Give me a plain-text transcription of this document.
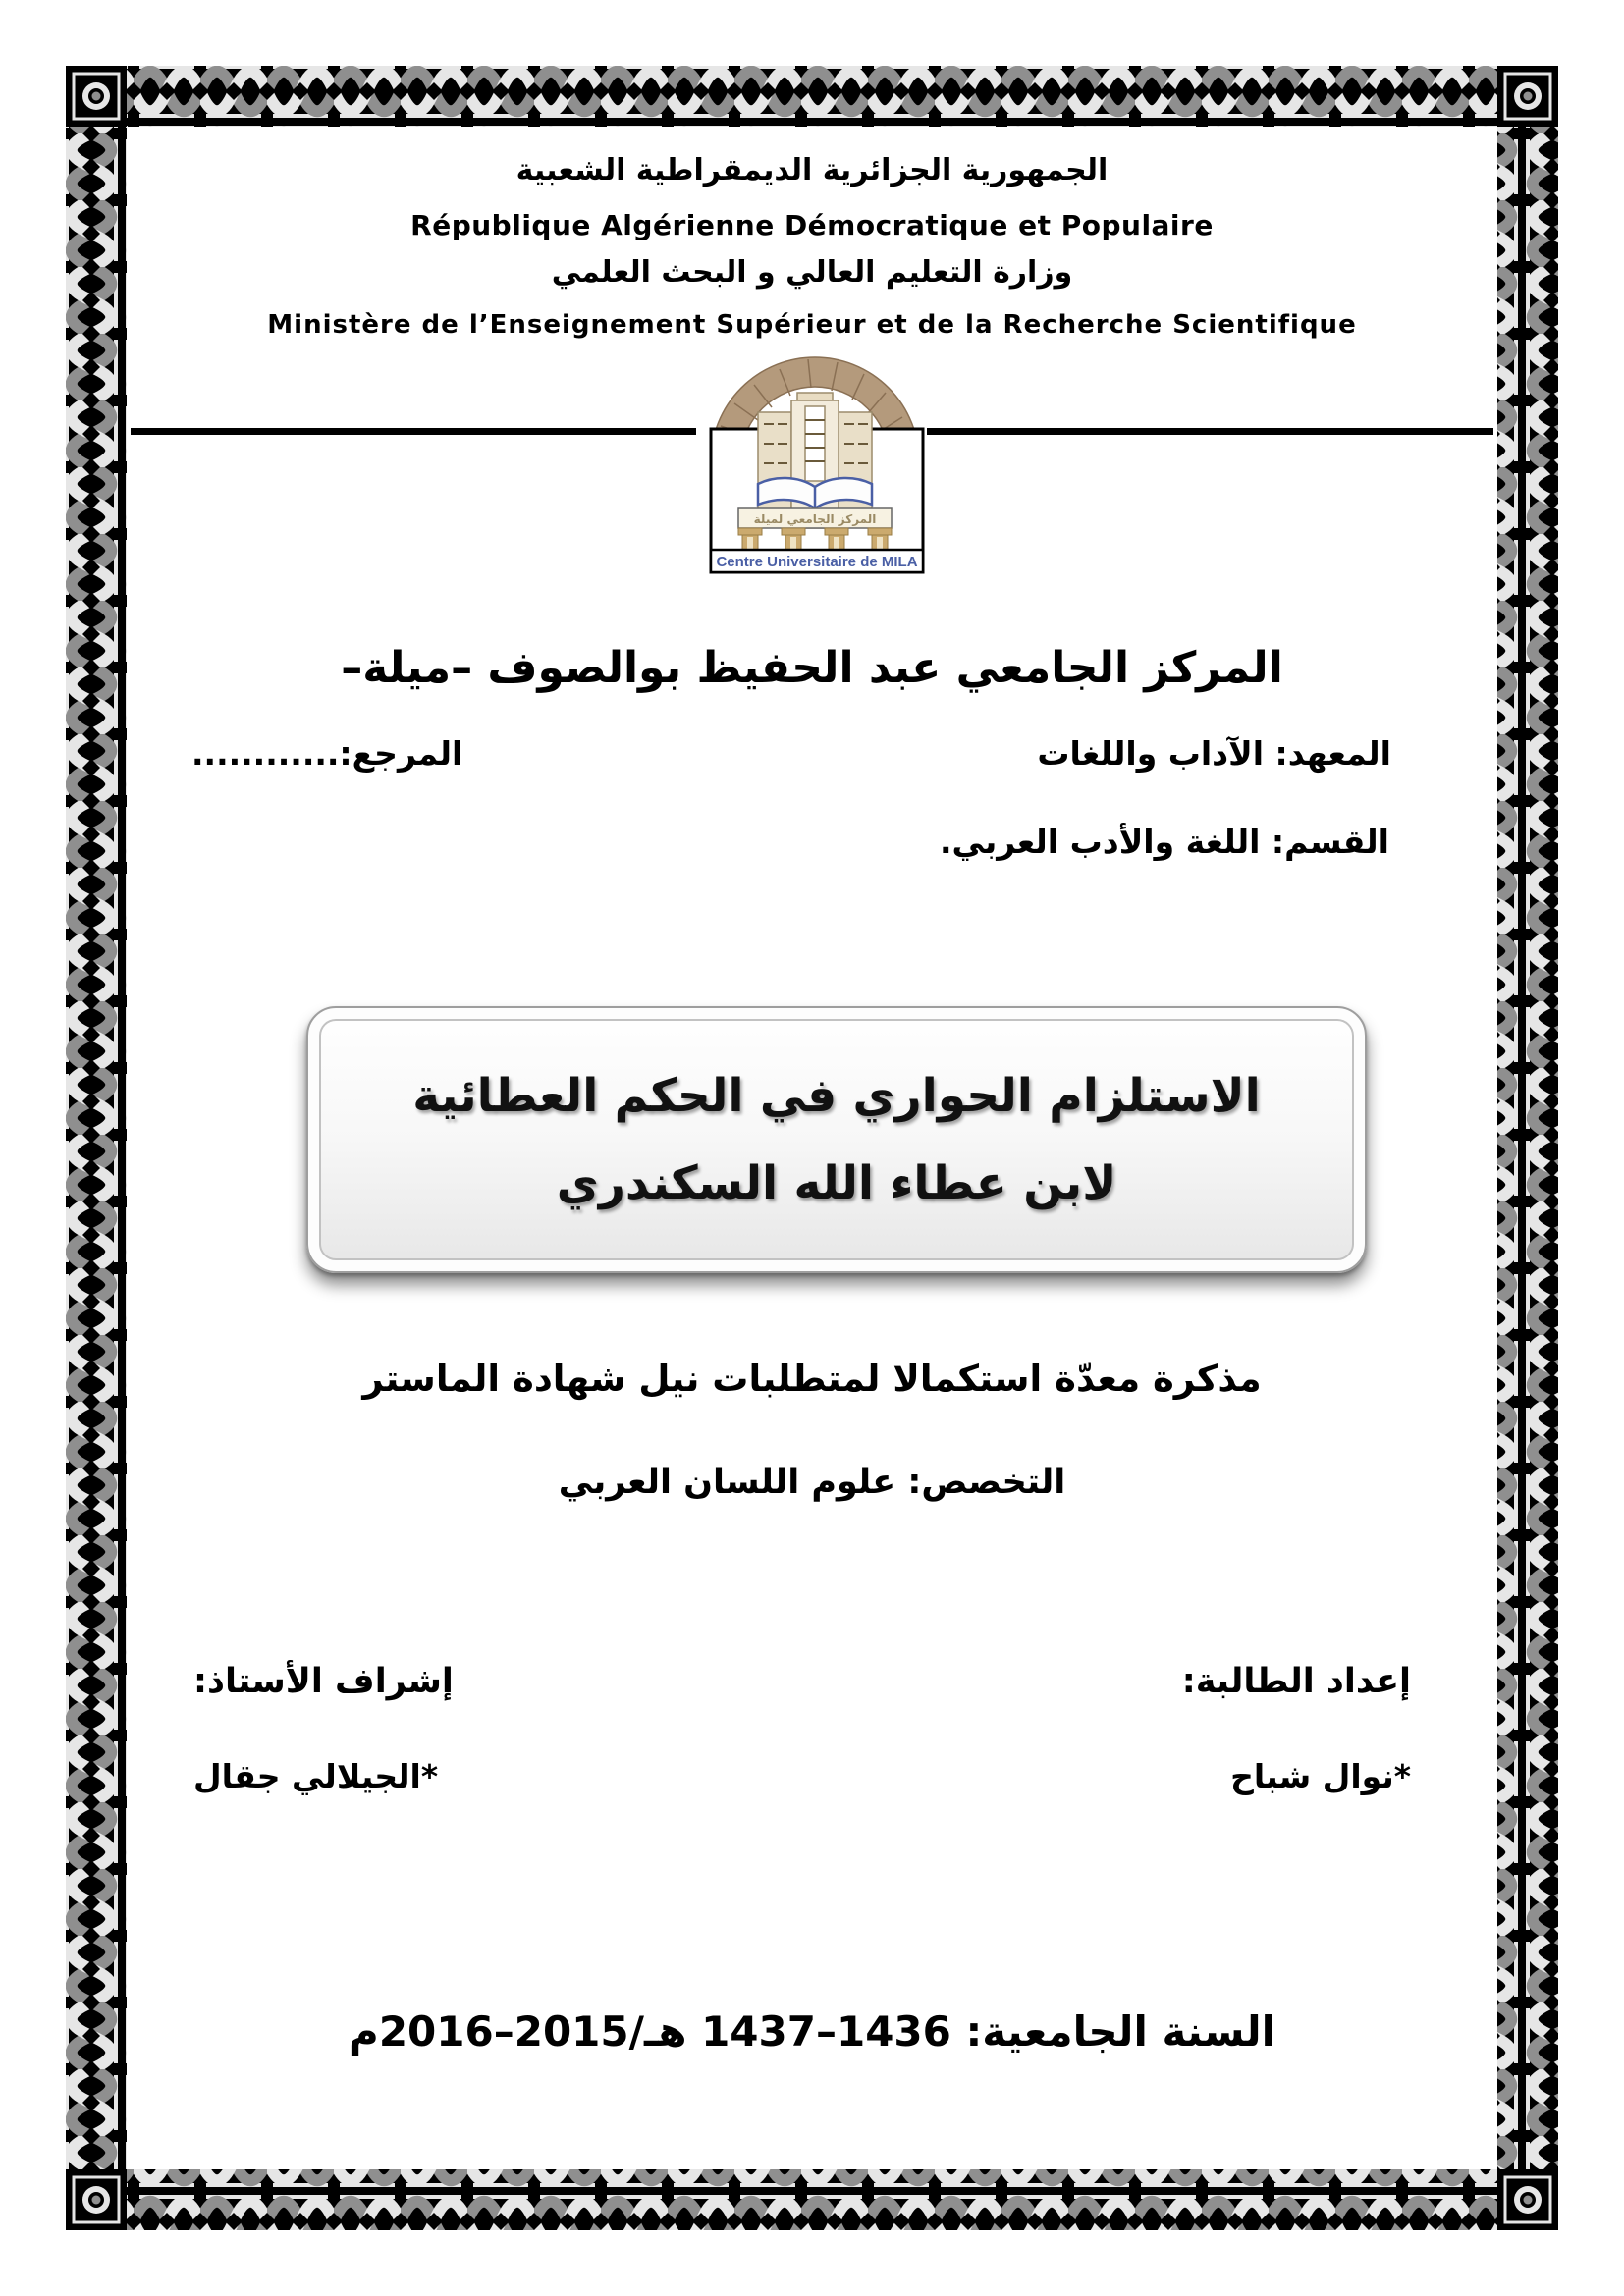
الجمهورية الجزائرية الديمقراطية الشعبية
République Algérienne Démocratique et Populaire
وزارة التعليم العالي و البحث العلمي
Ministère de l’Enseignement Supérieur et de la Recherche Scientifique
المركز الجامعي لميلة
Centre Universitaire de MILA
المركز الجامعي عبد الحفيظ بوالصوف –ميلة–
المعهد: الآداب واللغات
المرجع:............
القسم: اللغة والأدب العربي.
الاستلزام الحواري في الحكم العطائية
لابن عطاء الله السكندري
مذكرة معدّة استكمالا لمتطلبات نيل شهادة الماستر
التخصص: علوم اللسان العربي
إعداد الطالبة:
إشراف الأستاذ:
*نوال شباح
*الجيلالي جقال
السنة الجامعية: 1436–1437 هـ/2015–2016م
